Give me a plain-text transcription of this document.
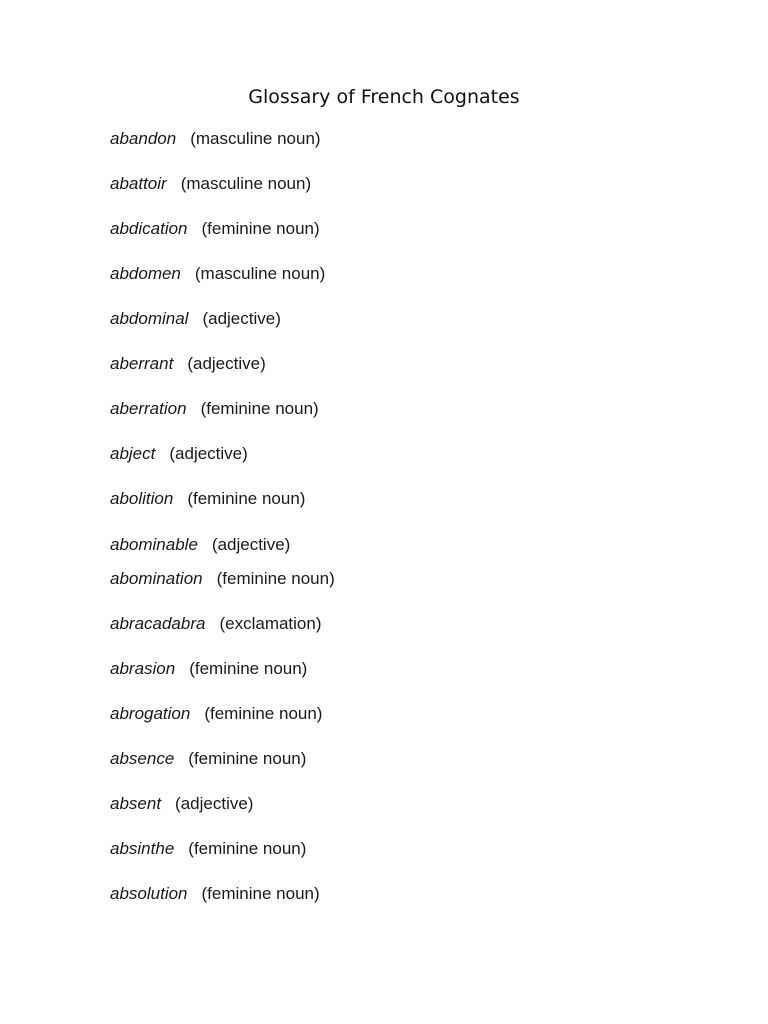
Glossary of French Cognates
abandon (masculine noun)
abattoir (masculine noun)
abdication (feminine noun)
abdomen (masculine noun)
abdominal (adjective)
aberrant (adjective)
aberration (feminine noun)
abject (adjective)
abolition (feminine noun)
abominable (adjective)
abomination (feminine noun)
abracadabra (exclamation)
abrasion (feminine noun)
abrogation (feminine noun)
absence (feminine noun)
absent (adjective)
absinthe (feminine noun)
absolution (feminine noun)
